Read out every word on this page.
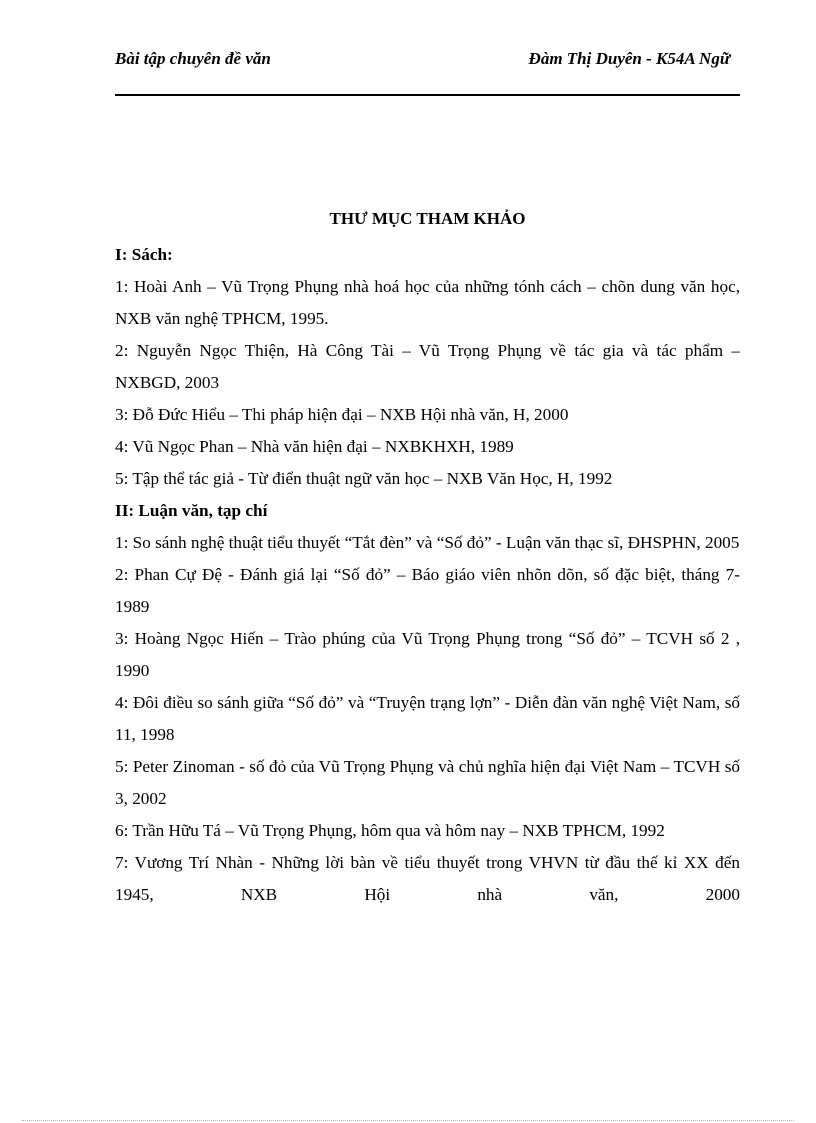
Bài tập chuyên đề văn	Đàm Thị Duyên - K54A Ngữ
THƯ MỤC THAM KHẢO

I: Sách:

1: Hoài Anh – Vũ Trọng Phụng nhà hoá học của những tónh cách – chõn dung văn học, NXB văn nghệ TPHCM, 1995.

2: Nguyễn Ngọc Thiện, Hà Công Tài – Vũ Trọng Phụng về tác gia và tác phẩm – NXBGD, 2003

3: Đỗ Đức Hiểu – Thi pháp hiện đại – NXB Hội nhà văn, H, 2000

4: Vũ Ngọc Phan – Nhà văn hiện đại – NXBKHXH, 1989

5: Tập thể tác giả - Từ điển thuật ngữ văn học – NXB Văn Học, H, 1992

II: Luận văn, tạp chí

1: So sánh nghệ thuật tiểu thuyết “Tắt đèn” và “Số đỏ” - Luận văn thạc sĩ, ĐHSPHN, 2005

2: Phan Cự Đệ - Đánh giá lại “Số đỏ” – Báo giáo viên nhõn dõn, số đặc biệt, tháng 7- 1989

3: Hoàng Ngọc Hiến – Trào phúng của Vũ Trọng Phụng trong “Số đỏ” – TCVH số 2 , 1990

4: Đôi điều so sánh giữa “Số đỏ” và “Truyện trạng lợn” - Diễn đàn văn nghệ Việt Nam, số 11, 1998

5: Peter Zinoman - số đỏ của Vũ Trọng Phụng và chủ nghĩa hiện đại Việt Nam – TCVH số 3, 2002

6: Trần Hữu Tá – Vũ Trọng Phụng, hôm qua và hôm nay – NXB TPHCM, 1992

7: Vương Trí Nhàn - Những lời bàn về tiểu thuyết trong VHVN từ đầu thế kỉ XX đến 1945, NXB Hội nhà văn, 2000
